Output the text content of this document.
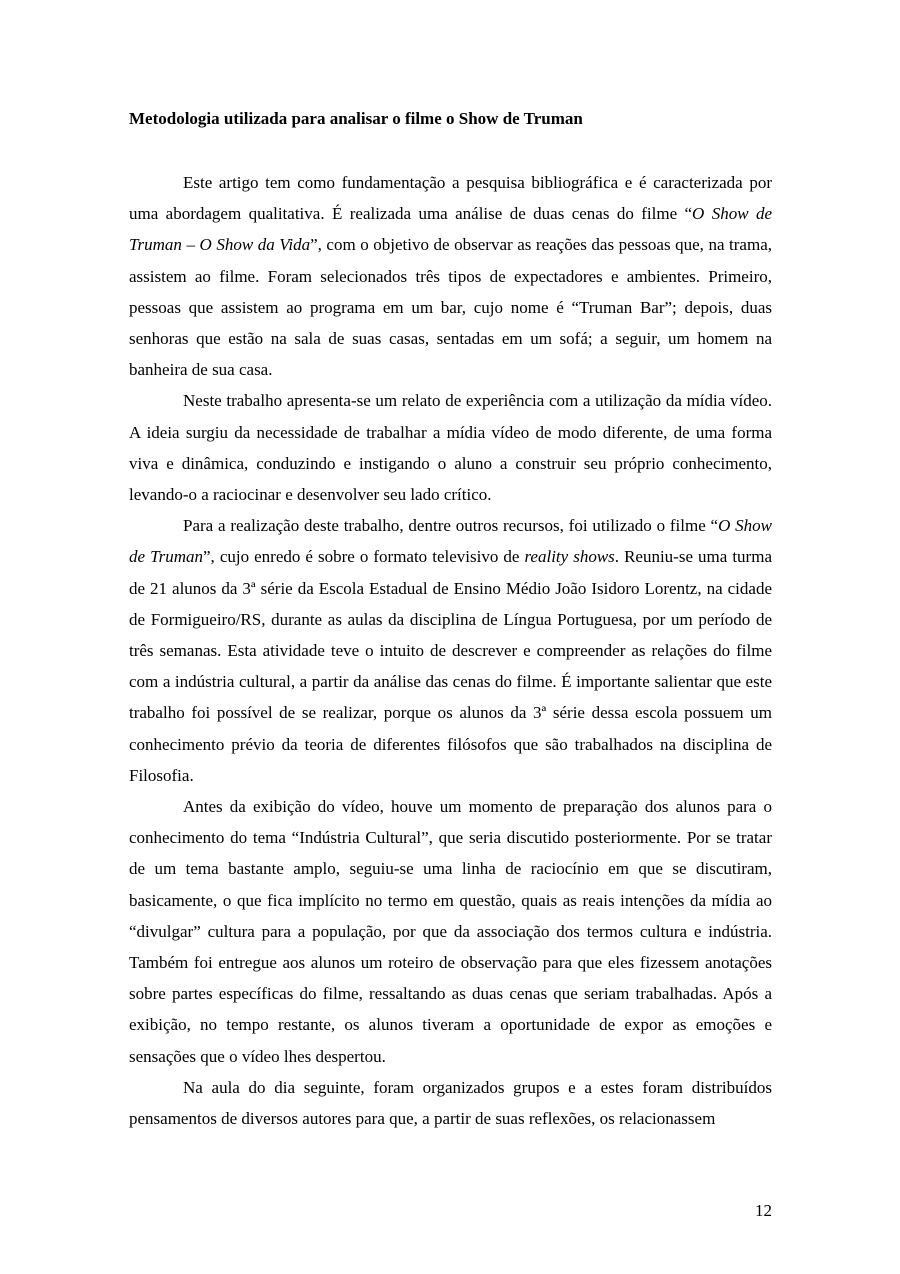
Metodologia utilizada para analisar o filme o Show de Truman

Este artigo tem como fundamentação a pesquisa bibliográfica e é caracterizada por uma abordagem qualitativa. É realizada uma análise de duas cenas do filme “O Show de Truman – O Show da Vida”, com o objetivo de observar as reações das pessoas que, na trama, assistem ao filme. Foram selecionados três tipos de expectadores e ambientes. Primeiro, pessoas que assistem ao programa em um bar, cujo nome é “Truman Bar”; depois, duas senhoras que estão na sala de suas casas, sentadas em um sofá; a seguir, um homem na banheira de sua casa.

Neste trabalho apresenta-se um relato de experiência com a utilização da mídia vídeo. A ideia surgiu da necessidade de trabalhar a mídia vídeo de modo diferente, de uma forma viva e dinâmica, conduzindo e instigando o aluno a construir seu próprio conhecimento, levando-o a raciocinar e desenvolver seu lado crítico.

Para a realização deste trabalho, dentre outros recursos, foi utilizado o filme “O Show de Truman”, cujo enredo é sobre o formato televisivo de reality shows. Reuniu-se uma turma de 21 alunos da 3ª série da Escola Estadual de Ensino Médio João Isidoro Lorentz, na cidade de Formigueiro/RS, durante as aulas da disciplina de Língua Portuguesa, por um período de três semanas. Esta atividade teve o intuito de descrever e compreender as relações do filme com a indústria cultural, a partir da análise das cenas do filme. É importante salientar que este trabalho foi possível de se realizar, porque os alunos da 3ª série dessa escola possuem um conhecimento prévio da teoria de diferentes filósofos que são trabalhados na disciplina de Filosofia.

Antes da exibição do vídeo, houve um momento de preparação dos alunos para o conhecimento do tema “Indústria Cultural”, que seria discutido posteriormente. Por se tratar de um tema bastante amplo, seguiu-se uma linha de raciocínio em que se discutiram, basicamente, o que fica implícito no termo em questão, quais as reais intenções da mídia ao “divulgar” cultura para a população, por que da associação dos termos cultura e indústria. Também foi entregue aos alunos um roteiro de observação para que eles fizessem anotações sobre partes específicas do filme, ressaltando as duas cenas que seriam trabalhadas. Após a exibição, no tempo restante, os alunos tiveram a oportunidade de expor as emoções e sensações que o vídeo lhes despertou.

Na aula do dia seguinte, foram organizados grupos e a estes foram distribuídos pensamentos de diversos autores para que, a partir de suas reflexões, os relacionassem

12
